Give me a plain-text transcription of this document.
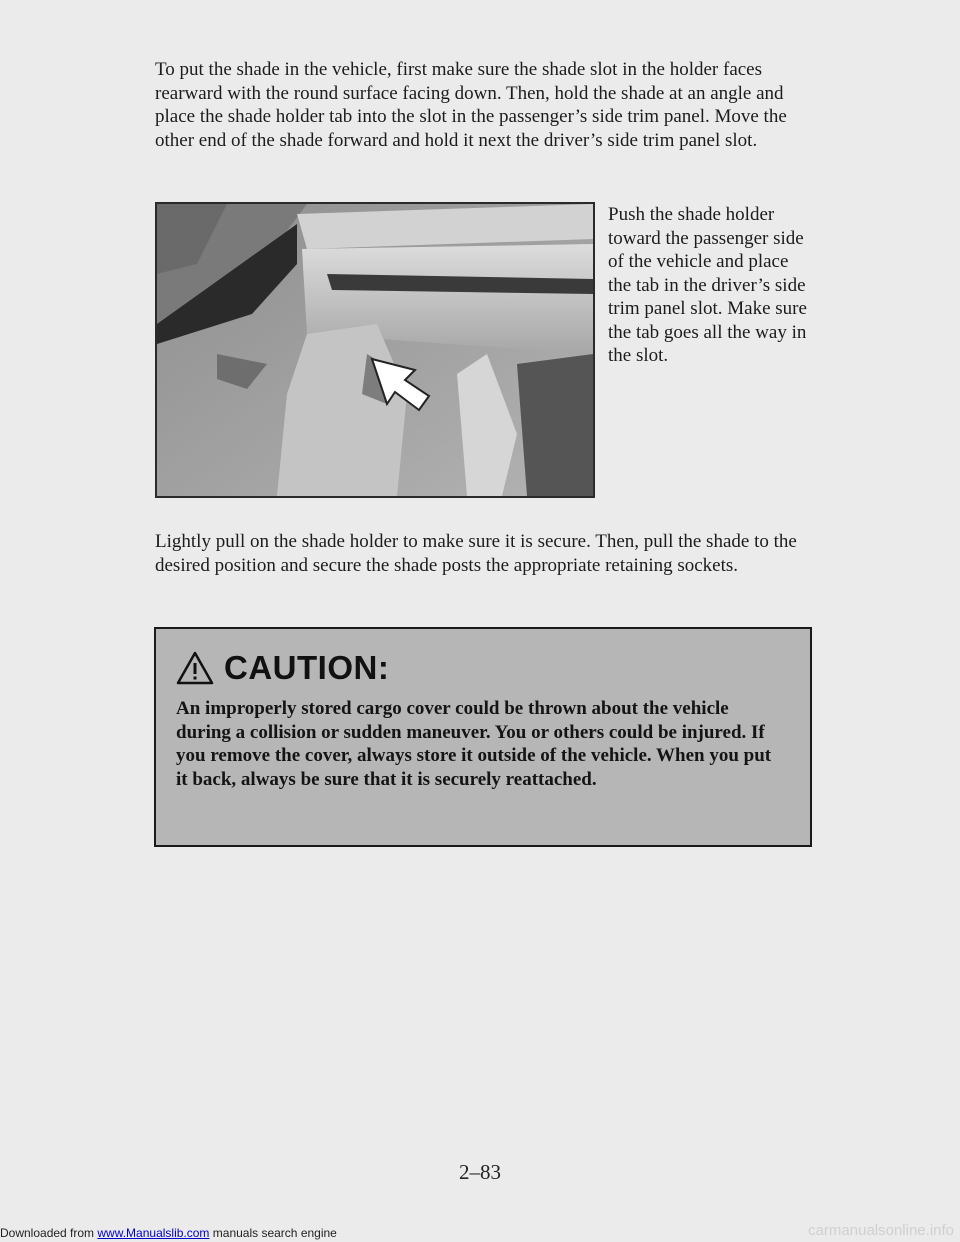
To put the shade in the vehicle, first make sure the shade slot in the holder faces rearward with the round surface facing down. Then, hold the shade at an angle and place the shade holder tab into the slot in the passenger’s side trim panel. Move the other end of the shade forward and hold it next the driver’s side trim panel slot.

Push the shade holder toward the passenger side of the vehicle and place the tab in the driver’s side trim panel slot. Make sure the tab goes all the way in the slot.

Lightly pull on the shade holder to make sure it is secure. Then, pull the shade to the desired position and secure the shade posts the appropriate retaining sockets.

CAUTION:

An improperly stored cargo cover could be thrown about the vehicle during a collision or sudden maneuver. You or others could be injured. If you remove the cover, always store it outside of the vehicle. When you put it back, always be sure that it is securely reattached.

2–83
Downloaded from www.Manualslib.com manuals search engine	carmanualsonline.info
